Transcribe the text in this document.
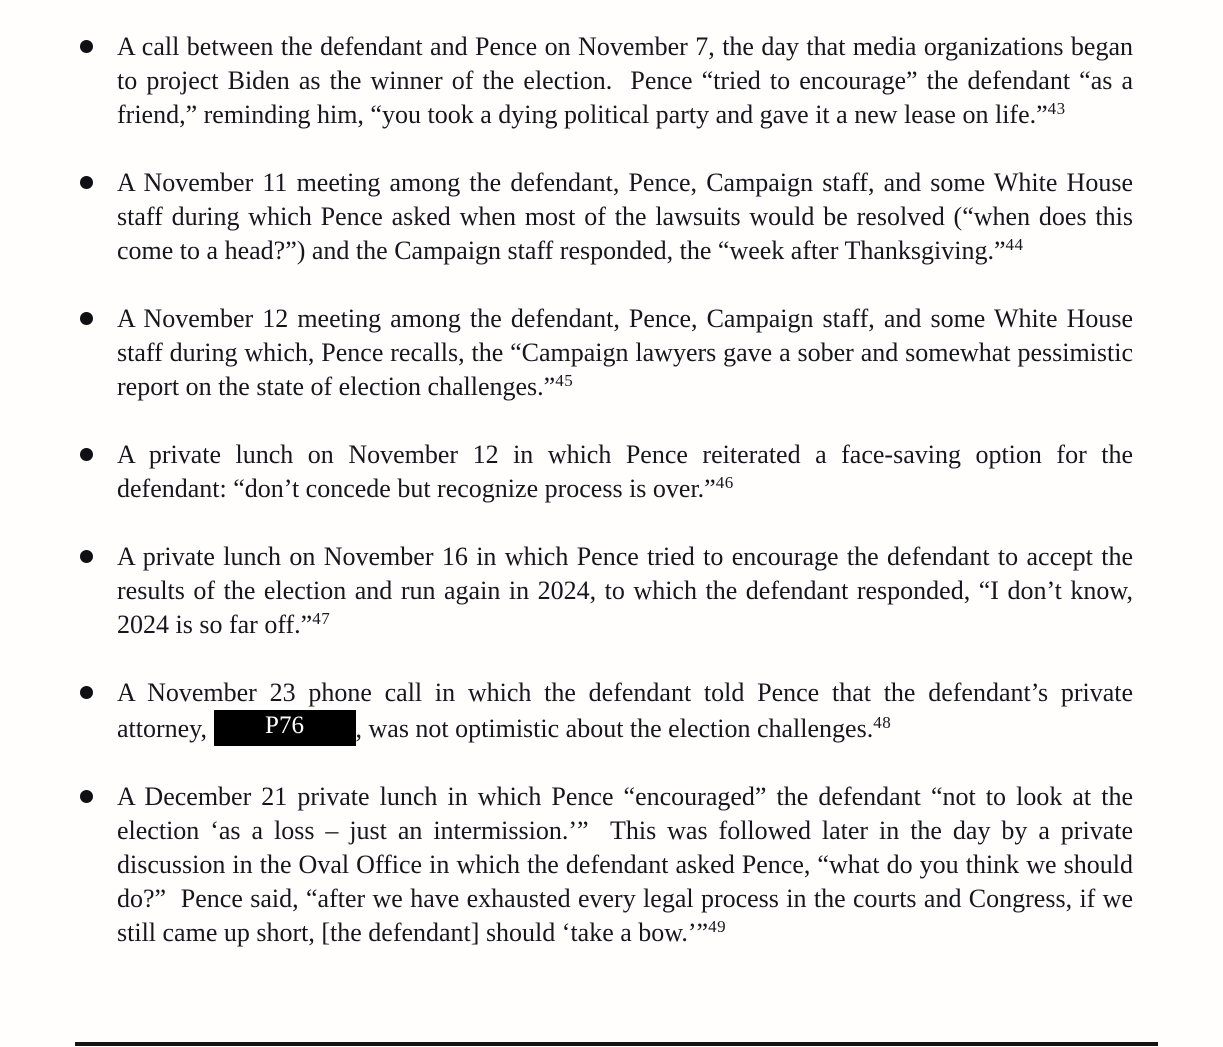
A call between the defendant and Pence on November 7, the day that media organizations began to project Biden as the winner of the election.  Pence “tried to encourage” the defendant “as a friend,” reminding him, “you took a dying political party and gave it a new lease on life.”$^{43}$
A November 11 meeting among the defendant, Pence, Campaign staff, and some White House staff during which Pence asked when most of the lawsuits would be resolved (“when does this come to a head?”) and the Campaign staff responded, the “week after Thanksgiving.”$^{44}$
A November 12 meeting among the defendant, Pence, Campaign staff, and some White House staff during which, Pence recalls, the “Campaign lawyers gave a sober and somewhat pessimistic report on the state of election challenges.”$^{45}$
A private lunch on November 12 in which Pence reiterated a face-saving option for the defendant: “don’t concede but recognize process is over.”$^{46}$
A private lunch on November 16 in which Pence tried to encourage the defendant to accept the results of the election and run again in 2024, to which the defendant responded, “I don’t know, 2024 is so far off.”$^{47}$
A November 23 phone call in which the defendant told Pence that the defendant’s private attorney, P76 , was not optimistic about the election challenges.$^{48}$
A December 21 private lunch in which Pence “encouraged” the defendant “not to look at the election ‘as a loss – just an intermission.’”  This was followed later in the day by a private discussion in the Oval Office in which the defendant asked Pence, “what do you think we should do?”  Pence said, “after we have exhausted every legal process in the courts and Congress, if we still came up short, [the defendant] should ‘take a bow.’”$^{49}$
